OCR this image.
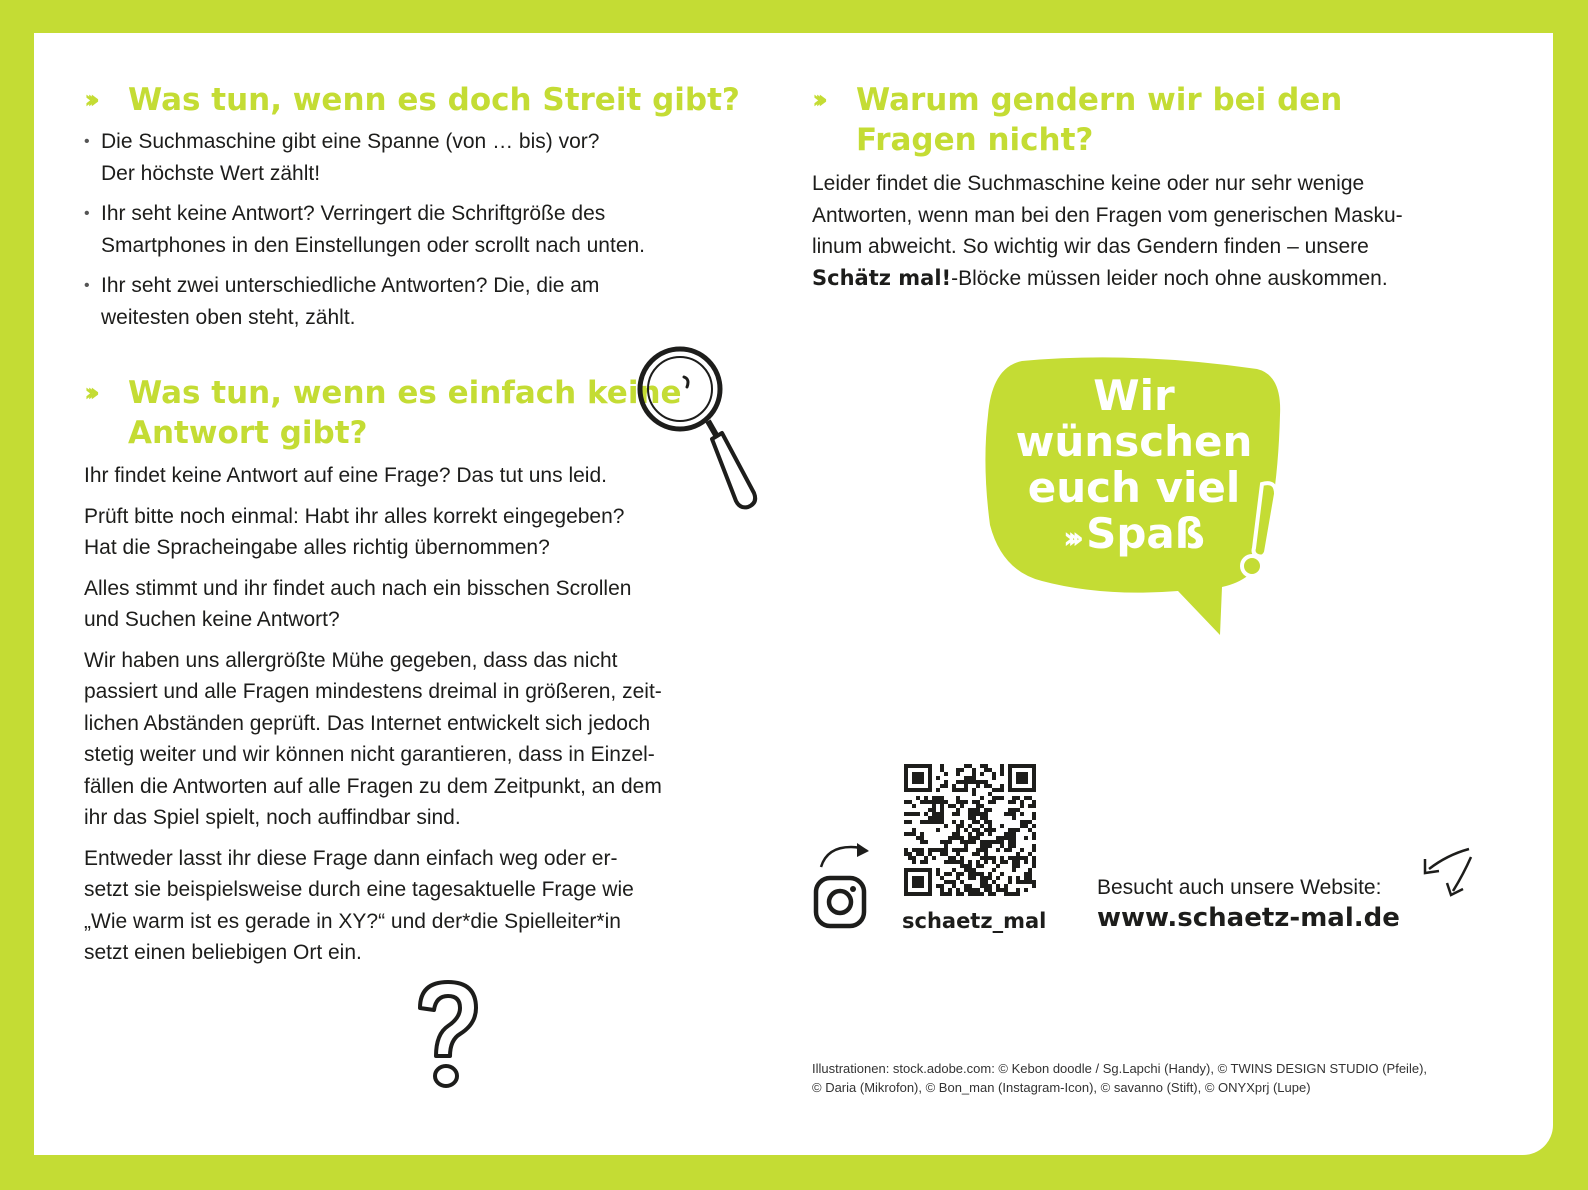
››› Was tun, wenn es doch Streit gibt?
• Die Suchmaschine gibt eine Spanne (von … bis) vor?
Der höchste Wert zählt!
• Ihr seht keine Antwort? Verringert die Schriftgröße des
Smartphones in den Einstellungen oder scrollt nach unten.
• Ihr seht zwei unterschiedliche Antworten? Die, die am
weitesten oben steht, zählt.
››› Was tun, wenn es einfach keine
Antwort gibt?

Ihr findet keine Antwort auf eine Frage? Das tut uns leid.

Prüft bitte noch einmal: Habt ihr alles korrekt eingegeben?
Hat die Spracheingabe alles richtig übernommen?

Alles stimmt und ihr findet auch nach ein bisschen Scrollen
und Suchen keine Antwort?

Wir haben uns allergrößte Mühe gegeben, dass das nicht
passiert und alle Fragen mindestens dreimal in größeren, zeit-
lichen Abständen geprüft. Das Internet entwickelt sich jedoch
stetig weiter und wir können nicht garantieren, dass in Einzel-
fällen die Antworten auf alle Fragen zu dem Zeitpunkt, an dem
ihr das Spiel spielt, noch auffindbar sind.

Entweder lasst ihr diese Frage dann einfach weg oder er-
setzt sie beispielsweise durch eine tagesaktuelle Frage wie
„Wie warm ist es gerade in XY?“ und der*die Spielleiter*in
setzt einen beliebigen Ort ein.

››› Warum gendern wir bei den
Fragen nicht?

Leider findet die Suchmaschine keine oder nur sehr wenige
Antworten, wenn man bei den Fragen vom generischen Masku-
linum abweicht. So wichtig wir das Gendern finden – unsere
Schätz mal!-Blöcke müssen leider noch ohne auskommen.

Wir
wünschen
euch viel
››› Spaß
schaetz_mal
Besucht auch unsere Website:
www.schaetz-mal.de
Illustrationen: stock.adobe.com: © Kebon doodle / Sg.Lapchi (Handy), © TWINS DESIGN STUDIO (Pfeile),
© Daria (Mikrofon), © Bon_man (Instagram-Icon), © savanno (Stift), © ONYXprj (Lupe)
